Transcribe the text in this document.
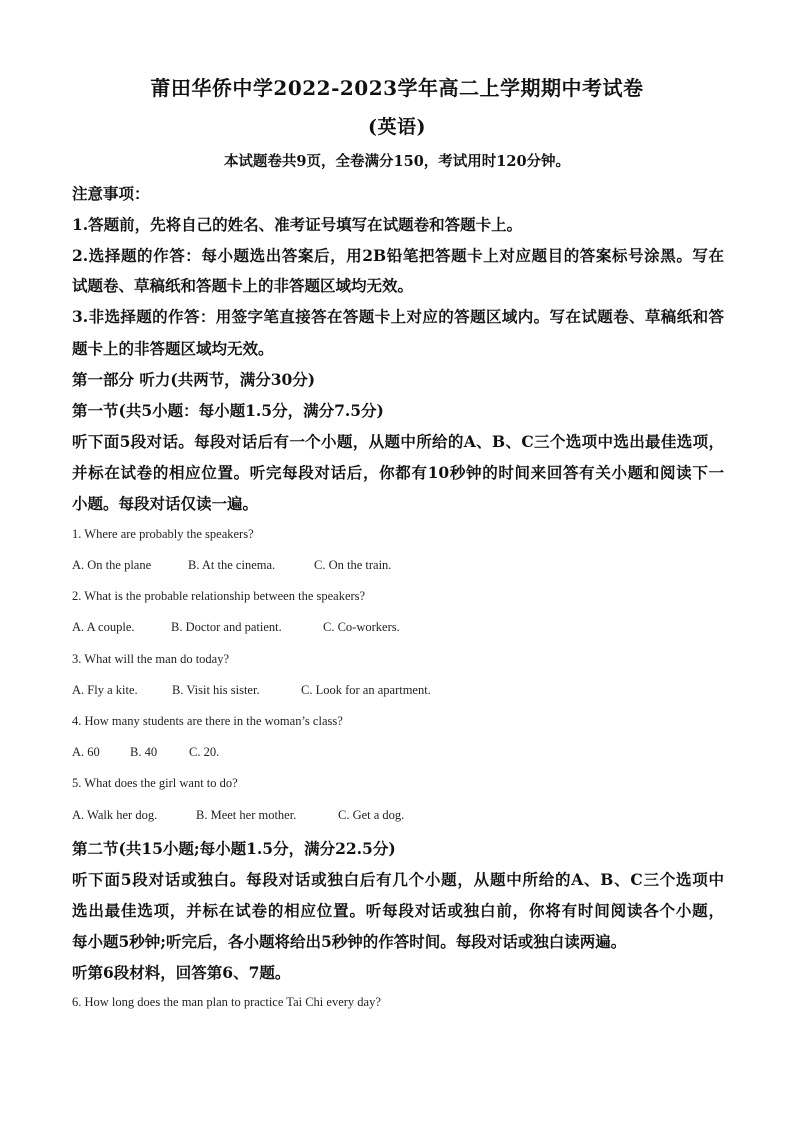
莆田华侨中学2022-2023学年高二上学期期中考试卷
(英语)
本试题卷共9页，全卷满分150，考试用时120分钟。
注意事项：
1.答题前，先将自己的姓名、准考证号填写在试题卷和答题卡上。
2.选择题的作答：每小题选出答案后，用2B铅笔把答题卡上对应题目的答案标号涂黑。写在
试题卷、草稿纸和答题卡上的非答题区域均无效。
3.非选择题的作答：用签字笔直接答在答题卡上对应的答题区域内。写在试题卷、草稿纸和答
题卡上的非答题区域均无效。
第一部分 听力(共两节，满分30分)
第一节(共5小题：每小题1.5分，满分7.5分)
听下面5段对话。每段对话后有一个小题，从题中所给的A、B、C三个选项中选出最佳选项，
并标在试卷的相应位置。听完每段对话后，你都有10秒钟的时间来回答有关小题和阅读下一
小题。每段对话仅读一遍。
1. Where are probably the speakers?
A. On the plane	B. At the cinema.	C. On the train.
2. What is the probable relationship between the speakers?
A. A couple.	B. Doctor and patient.	C. Co-workers.
3. What will the man do today?
A. Fly a kite.	B. Visit his sister.	C. Look for an apartment.
4. How many students are there in the woman’s class?
A. 60 B. 40	C. 20.
5. What does the girl want to do?
A. Walk her dog.	B. Meet her mother.	C. Get a dog.
第二节(共15小题;每小题1.5分，满分22.5分)
听下面5段对话或独白。每段对话或独白后有几个小题，从题中所给的A、B、C三个选项中
选出最佳选项，并标在试卷的相应位置。听每段对话或独白前，你将有时间阅读各个小题，
每小题5秒钟;听完后，各小题将给出5秒钟的作答时间。每段对话或独白读两遍。
听第6段材料，回答第6、7题。
6. How long does the man plan to practice Tai Chi every day?
